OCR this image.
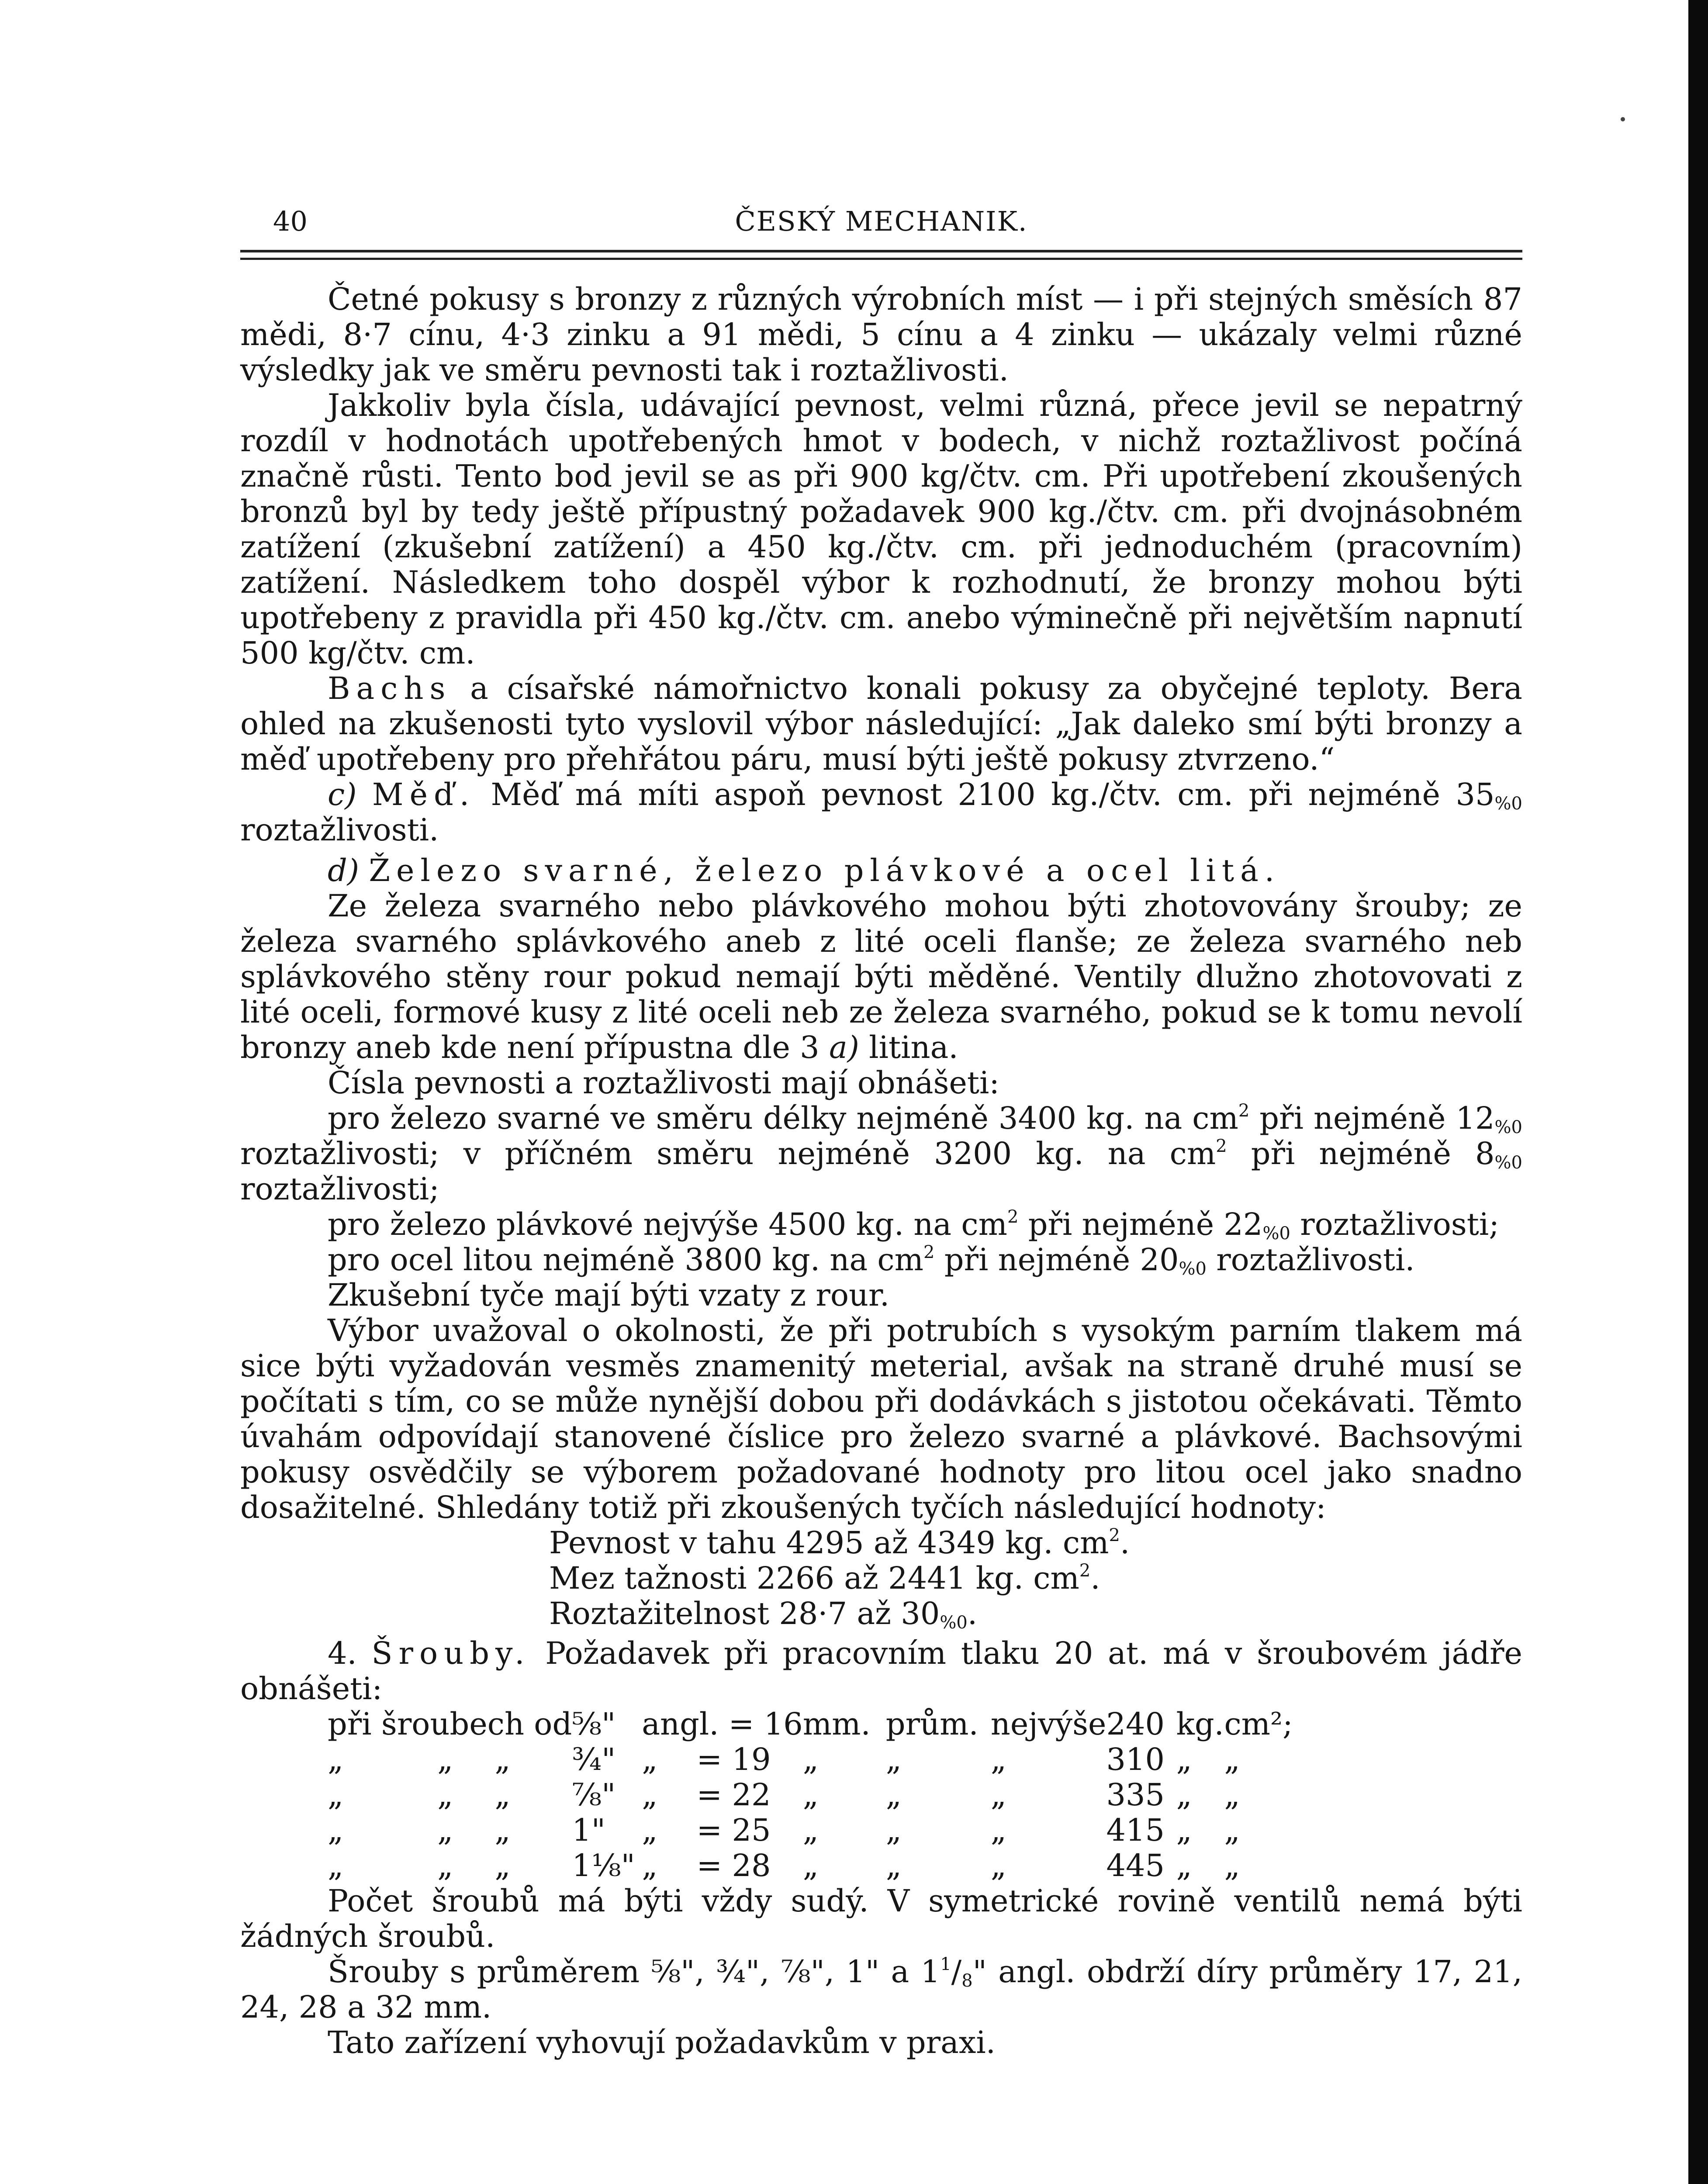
40	ČESKÝ MECHANIK.

Četné pokusy s bronzy z různých výrobních míst — i při stejných směsích 87 mědi, 8·7 cínu, 4·3 zinku a 91 mědi, 5 cínu a 4 zinku — ukázaly velmi různé výsledky jak ve směru pevnosti tak i roztažlivosti.

Jakkoliv byla čísla, udávající pevnost, velmi různá, přece jevil se nepatrný rozdíl v hodnotách upotřebených hmot v bodech, v nichž roztažlivost počíná značně růsti. Tento bod jevil se as při 900 kg/čtv. cm. Při upotřebení zkoušených bronzů byl by tedy ještě přípustný požadavek 900 kg./čtv. cm. při dvojnásobném zatížení (zkušební zatížení) a 450 kg./čtv. cm. při jednoduchém (pracovním) zatížení. Následkem toho dospěl výbor k rozhodnutí, že bronzy mohou býti upotřebeny z pravidla při 450 kg./čtv. cm. anebo výminečně při největším napnutí 500 kg/čtv. cm.

Bachs a císařské námořnictvo konali pokusy za obyčejné teploty. Bera ohled na zkušenosti tyto vyslovil výbor následující: „Jak daleko smí býti bronzy a měď upotřebeny pro přehřátou páru, musí býti ještě pokusy ztvrzeno.“

c) Měď. Měď má míti aspoň pevnost 2100 kg./čtv. cm. při nejméně $35_{\%0}$ roztažlivosti.

d) Železo svarné, železo plávkové a ocel litá.

Ze železa svarného nebo plávkového mohou býti zhotovovány šrouby; ze železa svarného splávkového aneb z lité oceli flanše; ze železa svarného neb splávkového stěny rour pokud nemají býti měděné. Ventily dlužno zhotovovati z lité oceli, formové kusy z lité oceli neb ze železa svarného, pokud se k tomu nevolí bronzy aneb kde není přípustna dle 3 a) litina.

Čísla pevnosti a roztažlivosti mají obnášeti:

pro železo svarné ve směru délky nejméně 3400 kg. na $cm^2$ při nejméně $12_{\%0}$ roztažlivosti; v příčném směru nejméně 3200 kg. na $cm^2$ při nejméně $8_{\%0}$ roztažlivosti;

pro železo plávkové nejvýše 4500 kg. na $cm^2$ při nejméně $22_{\%0}$ roztažlivosti;

pro ocel litou nejméně 3800 kg. na $cm^2$ při nejméně $20_{\%0}$ roztažlivosti.

Zkušební tyče mají býti vzaty z rour.

Výbor uvažoval o okolnosti, že při potrubích s vysokým parním tlakem má sice býti vyžadován vesměs znamenitý meterial, avšak na straně druhé musí se počítati s tím, co se může nynější dobou při dodávkách s jistotou očekávati. Těmto úvahám odpovídají stanovené číslice pro železo svarné a plávkové. Bachsovými pokusy osvědčily se výborem požadované hodnoty pro litou ocel jako snadno dosažitelné. Shledány totiž při zkoušených tyčích následující hodnoty:

Pevnost v tahu 4295 až 4349 kg. $cm^2$.

Mez tažnosti 2266 až 2441 kg. $cm^2$.

Roztažitelnost 28·7 až $30_{\%0}$.

4. Šrouby. Požadavek při pracovním tlaku 20 at. má v šroubovém jádře obnášeti:

při šroubech od			⁵⁄₈"	angl. = 16	mm.	prům.	nejvýše	240	kg.	cm²;
„	„	„	³⁄₄"	„ = 19	„	„	„	310	„	„
„	„	„	⁷⁄₈"	„ = 22	„	„	„	335	„	„
„	„	„	1"	„ = 25	„	„	„	415	„	„
„	„	„	1¹⁄₈"	„ = 28	„	„	„	445	„	„

Počet šroubů má býti vždy sudý. V symetrické rovině ventilů nemá býti žádných šroubů.

Šrouby s průměrem ⁵⁄₈", ³⁄₄", ⁷⁄₈", 1" a $1^1/_8$" angl. obdrží díry průměry 17, 21, 24, 28 a 32 mm.

Tato zařízení vyhovují požadavkům v praxi.
